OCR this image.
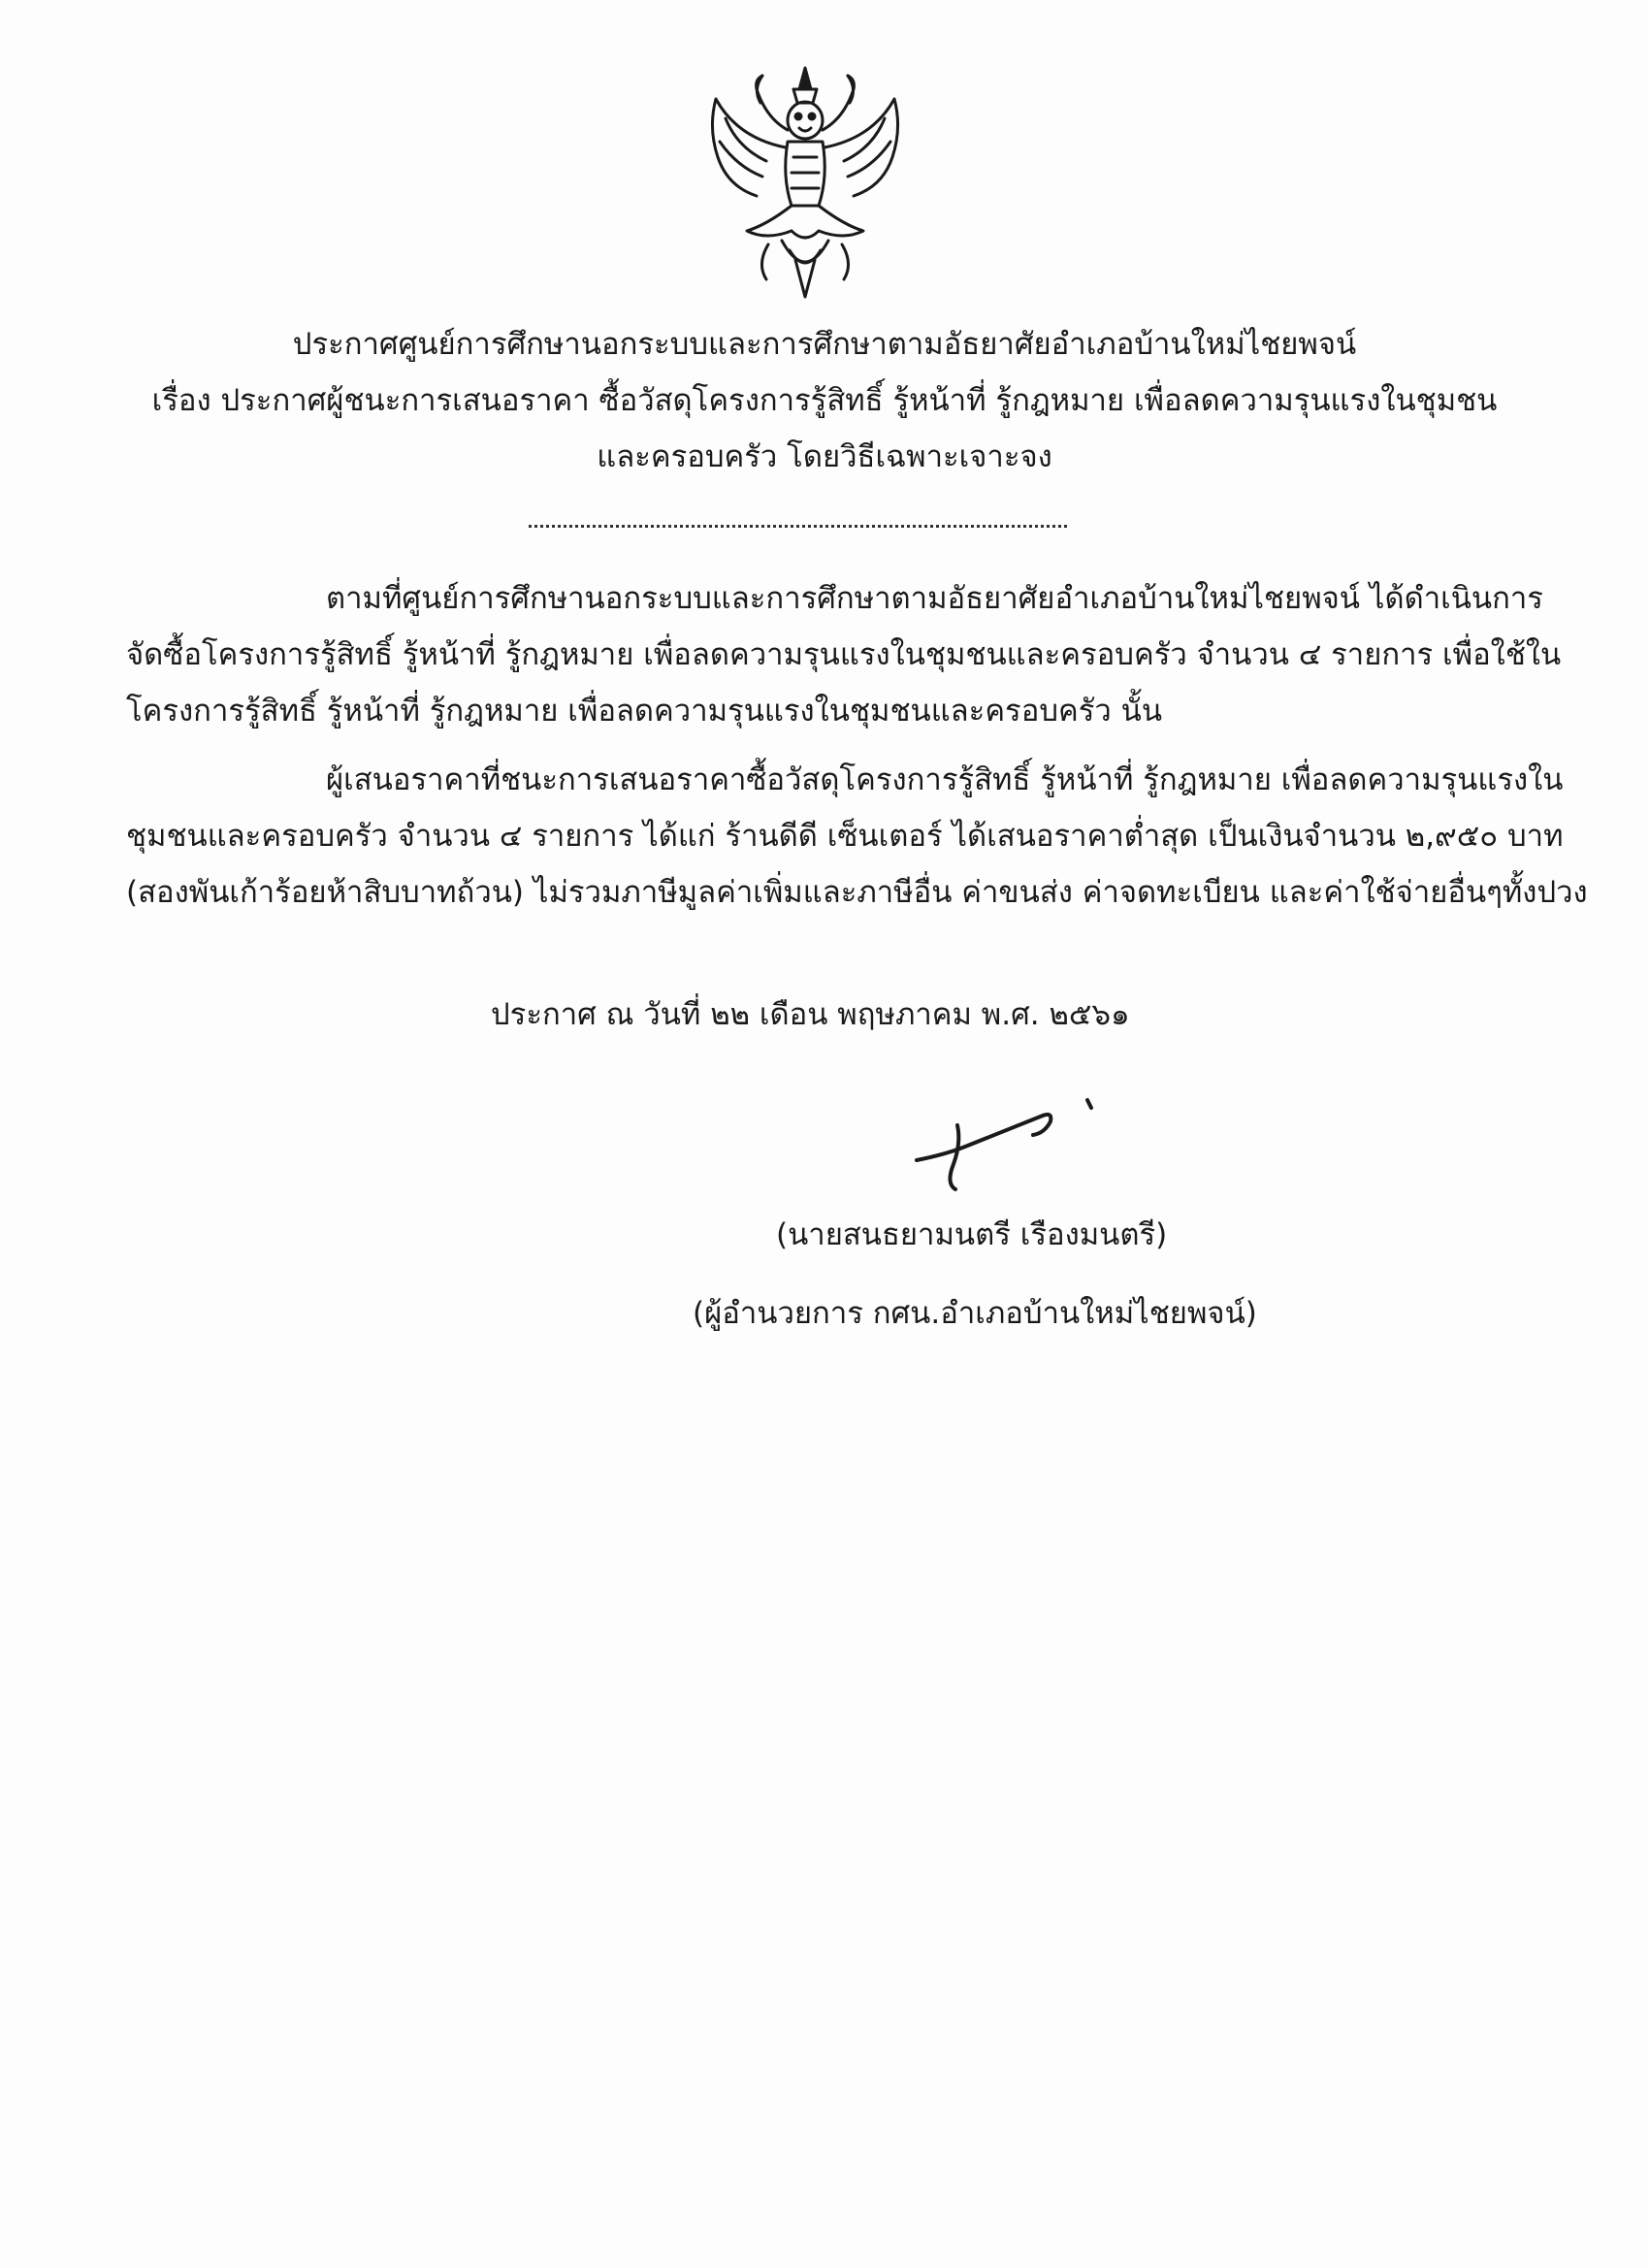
ประกาศศูนย์การศึกษานอกระบบและการศึกษาตามอัธยาศัยอำเภอบ้านใหม่ไชยพจน์
เรื่อง ประกาศผู้ชนะการเสนอราคา ซื้อวัสดุโครงการรู้สิทธิ์ รู้หน้าที่ รู้กฎหมาย เพื่อลดความรุนแรงในชุมชน
และครอบครัว โดยวิธีเฉพาะเจาะจง

ตามที่ศูนย์การศึกษานอกระบบและการศึกษาตามอัธยาศัยอำเภอบ้านใหม่ไชยพจน์ ได้ดำเนินการ

จัดซื้อโครงการรู้สิทธิ์ รู้หน้าที่ รู้กฎหมาย เพื่อลดความรุนแรงในชุมชนและครอบครัว จำนวน ๔ รายการ เพื่อใช้ใน

โครงการรู้สิทธิ์ รู้หน้าที่ รู้กฎหมาย เพื่อลดความรุนแรงในชุมชนและครอบครัว นั้น

ผู้เสนอราคาที่ชนะการเสนอราคาซื้อวัสดุโครงการรู้สิทธิ์ รู้หน้าที่ รู้กฎหมาย เพื่อลดความรุนแรงใน

ชุมชนและครอบครัว จำนวน ๔ รายการ ได้แก่ ร้านดีดี เซ็นเตอร์ ได้เสนอราคาต่ำสุด เป็นเงินจำนวน ๒,๙๕๐ บาท

(สองพันเก้าร้อยห้าสิบบาทถ้วน) ไม่รวมภาษีมูลค่าเพิ่มและภาษีอื่น ค่าขนส่ง ค่าจดทะเบียน และค่าใช้จ่ายอื่นๆทั้งปวง

ประกาศ ณ วันที่ ๒๒ เดือน พฤษภาคม พ.ศ. ๒๕๖๑
(นายสนธยามนตรี เรืองมนตรี)
(ผู้อำนวยการ กศน.อำเภอบ้านใหม่ไชยพจน์)
